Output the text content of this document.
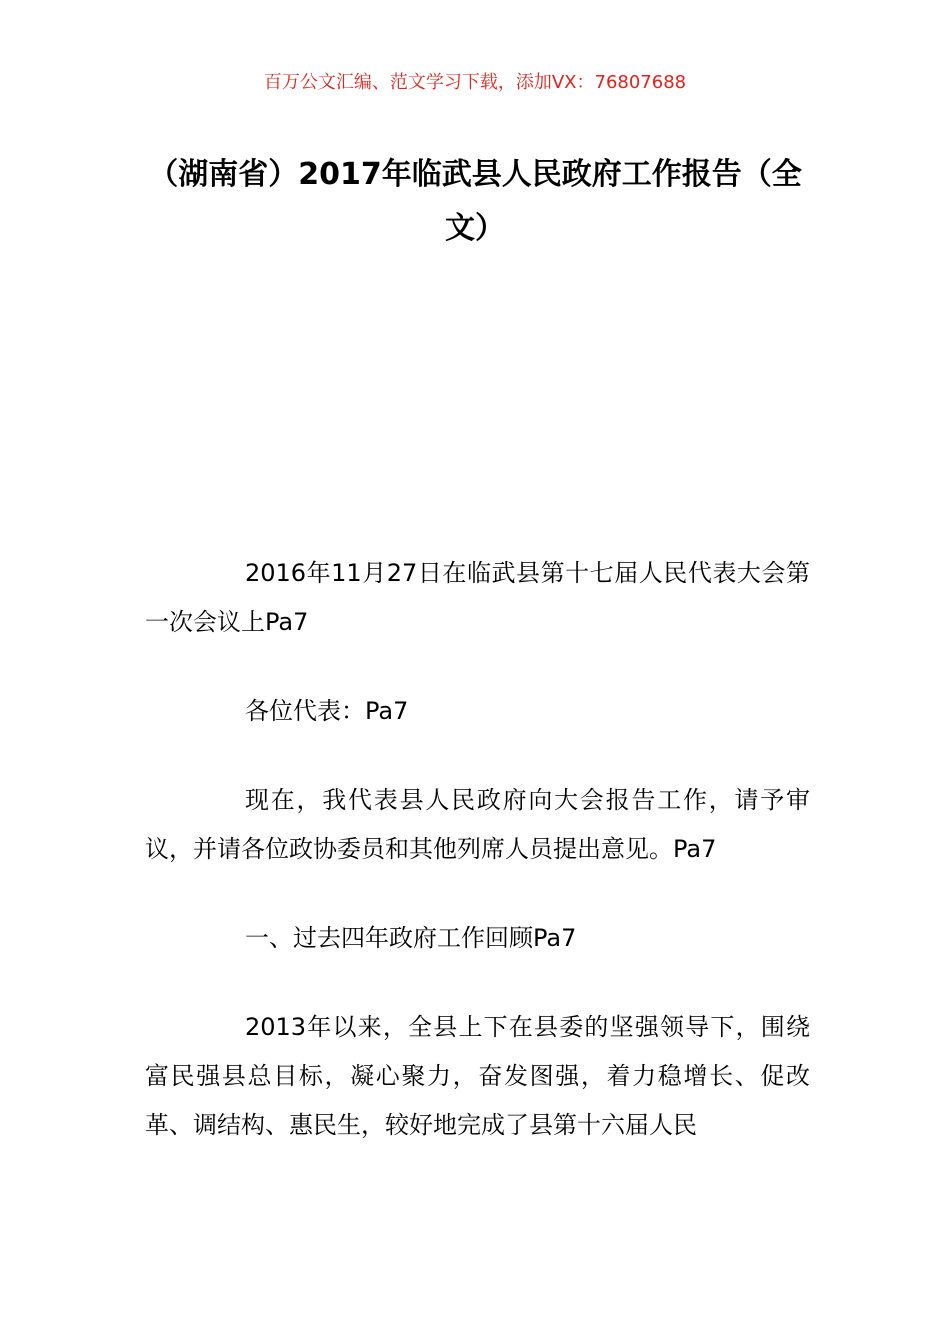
百万公文汇编、范文学习下载，添加VX：76807688
（湖南省）2017年临武县人民政府工作报告（全文）

2016年11月27日在临武县第十七届人民代表大会第一次会议上Pa7

各位代表：Pa7

现在，我代表县人民政府向大会报告工作，请予审议，并请各位政协委员和其他列席人员提出意见。Pa7

一、过去四年政府工作回顾Pa7

2013年以来，全县上下在县委的坚强领导下，围绕富民强县总目标，凝心聚力，奋发图强，着力稳增长、促改革、调结构、惠民生，较好地完成了县第十六届人民
